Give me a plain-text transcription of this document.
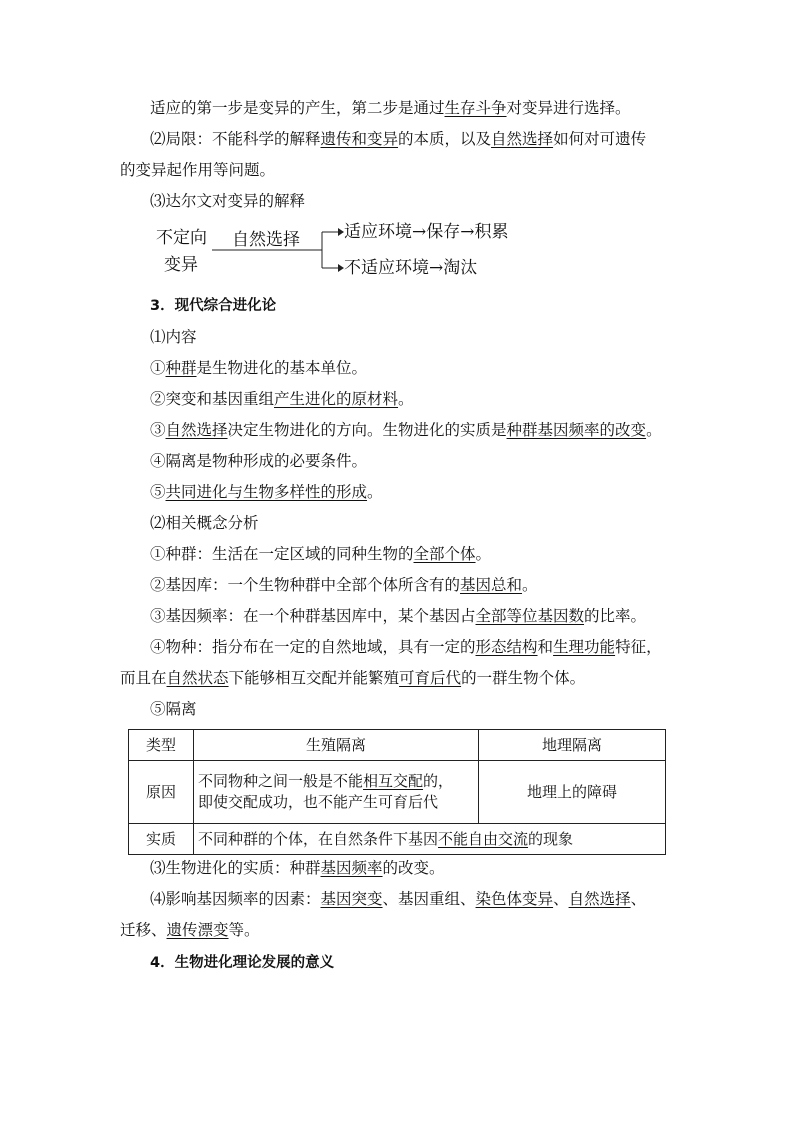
适应的第一步是变异的产生，第二步是通过生存斗争对变异进行选择。
⑵局限：不能科学的解释遗传和变异的本质，以及自然选择如何对可遗传
的变异起作用等问题。
⑶达尔文对变异的解释
不定向
变异
自然选择	适应环境→保存→积累
不适应环境→淘汰
3．现代综合进化论
⑴内容
①种群是生物进化的基本单位。
②突变和基因重组产生进化的原材料。
③自然选择决定生物进化的方向。生物进化的实质是种群基因频率的改变。
④隔离是物种形成的必要条件。
⑤共同进化与生物多样性的形成。
⑵相关概念分析
①种群：生活在一定区域的同种生物的全部个体。
②基因库：一个生物种群中全部个体所含有的基因总和。
③基因频率：在一个种群基因库中，某个基因占全部等位基因数的比率。
④物种：指分布在一定的自然地域，具有一定的形态结构和生理功能特征，
而且在自然状态下能够相互交配并能繁殖可育后代的一群生物个体。
⑤隔离
类型	生殖隔离	地理隔离
原因	不同物种之间一般是不能相互交配的，
即使交配成功，也不能产生可育后代	地理上的障碍
实质	不同种群的个体，在自然条件下基因不能自由交流的现象	
⑶生物进化的实质：种群基因频率的改变。
⑷影响基因频率的因素：基因突变、基因重组、染色体变异、自然选择、
迁移、遗传漂变等。
4．生物进化理论发展的意义
